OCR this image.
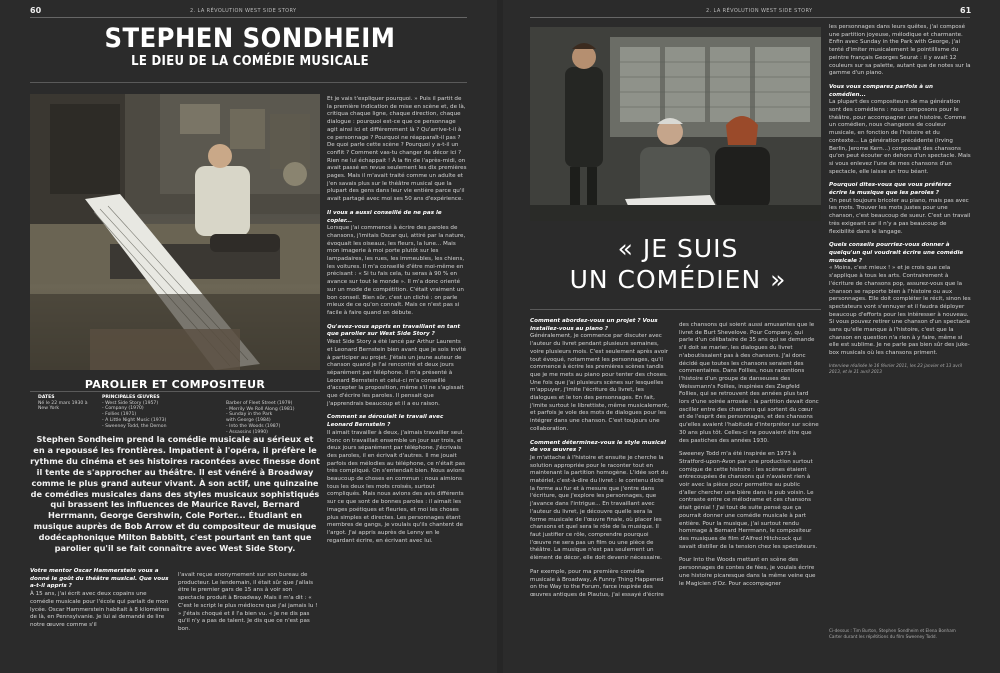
60	2. LA RÉVOLUTION WEST SIDE STORY
STEPHEN SONDHEIM
LE DIEU DE LA COMÉDIE MUSICALE

Et je vais t'expliquer pourquoi. » Puis il partit de la première indication de mise en scène et, de là, critiqua chaque ligne, chaque direction, chaque dialogue : pourquoi est-ce que ce personnage agit ainsi ici et différemment là ? Qu'arrive-t-il à ce personnage ? Pourquoi ne réapparaît-il pas ? De quoi parle cette scène ? Pourquoi y a-t-il un conflit ? Comment vas-tu changer de décor ici ? Rien ne lui échappait ! À la fin de l'après-midi, on avait passé en revue seulement les dix premières pages. Mais il m'avait traité comme un adulte et j'en savais plus sur le théâtre musical que la plupart des gens dans leur vie entière parce qu'il avait partagé avec moi ses 50 ans d'expérience.

Il vous a aussi conseillé de ne pas le copier...

Lorsque j'ai commencé à écrire des paroles de chansons, j'imitais Oscar qui, attiré par la nature, évoquait les oiseaux, les fleurs, la lune... Mais mon imagerie à moi porte plutôt sur les lampadaires, les rues, les immeubles, les chiens, les voitures. Il m'a conseillé d'être moi-même en précisant : « Si tu fais cela, tu seras à 90 % en avance sur tout le monde ». Il m'a donc orienté sur un mode de compétition. C'était vraiment un bon conseil. Bien sûr, c'est un cliché : on parle mieux de ce qu'on connaît. Mais ce n'est pas si facile à faire quand on débute.

Qu'avez-vous appris en travaillant en tant que parolier sur West Side Story ?

West Side Story a été lancé par Arthur Laurents et Leonard Bernstein bien avant que je sois invité à participer au projet. J'étais un jeune auteur de chanson quand je l'ai rencontré et deux jours séparément par téléphone. Il m'a présenté à Leonard Bernstein et celui-ci m'a conseillé d'accepter la proposition, même s'il ne s'agissait que d'écrire les paroles. Il pensait que j'apprendrais beaucoup et il a eu raison.

Comment se déroulait le travail avec Leonard Bernstein ?

Il aimait travailler à deux, j'aimais travailler seul. Donc on travaillait ensemble un jour sur trois, et deux jours séparément par téléphone. J'écrivais des paroles, il en écrivait d'autres. Il me jouait parfois des mélodies au téléphone, ce n'était pas très compliqué. On s'entendait bien. Nous avions beaucoup de choses en commun : nous aimions tous les deux les mots croisés, surtout compliqués. Mais nous avions des avis différents sur ce que sont de bonnes paroles : il aimait les images poétiques et fleuries, et moi les choses plus simples et directes. Les personnages étant membres de gangs, je voulais qu'ils chantent de l'argot. J'ai appris auprès de Lenny en le regardant écrire, en écrivant avec lui.

PAROLIER ET COMPOSITEUR
DATES
Né le 22 mars 1930 à New York
PRINCIPALES ŒUVRES
- West Side Story (1957)
- Company (1970)
- Follies (1971)
- A Little Night Music (1973)
- Sweeney Todd, the Demon
Barber of Fleet Street (1979)
- Merrily We Roll Along (1981)
- Sunday in the Park
with George (1984)
- Into the Woods (1987)
- Assassins (1990)
Stephen Sondheim prend la comédie musicale au sérieux et en a repoussé les frontières. Impatient à l'opéra, il préfère le rythme du cinéma et ses histoires racontées avec finesse dont il tente de s'approcher au théâtre. Il est vénéré à Broadway comme le plus grand auteur vivant. À son actif, une quinzaine de comédies musicales dans des styles musicaux sophistiqués qui brassent les influences de Maurice Ravel, Bernard Herrmann, George Gershwin, Cole Porter... Étudiant en musique auprès de Bob Arrow et du compositeur de musique dodécaphonique Milton Babbitt, c'est pourtant en tant que parolier qu'il se fait connaître avec West Side Story.

Votre mentor Oscar Hammerstein vous a donné le goût du théâtre musical. Que vous a-t-il appris ?

À 15 ans, j'ai écrit avec deux copains une comédie musicale pour l'école qui parlait de mon lycée. Oscar Hammerstein habitait à 8 kilomètres de là, en Pennsylvanie. Je lui ai demandé de lire notre œuvre comme s'il

l'avait reçue anonymement sur son bureau de producteur. Le lendemain, il était sûr que j'allais être le premier gars de 15 ans à voir son spectacle produit à Broadway. Mais il m'a dit : « C'est le script le plus médiocre que j'ai jamais lu ! » J'étais choqué et il l'a bien vu. « Je ne dis pas qu'il n'y a pas de talent. Je dis que ce n'est pas bon.

2. LA RÉVOLUTION WEST SIDE STORY	61
« JE SUIS
UN COMÉDIEN »

Comment abordez-vous un projet ? Vous installez-vous au piano ?

Généralement, je commence par discuter avec l'auteur du livret pendant plusieurs semaines, voire plusieurs mois. C'est seulement après avoir tout évoqué, notamment les personnages, qu'il commence à écrire les premières scènes tandis que je me mets au piano pour tenter des choses. Une fois que j'ai plusieurs scènes sur lesquelles m'appuyer, j'imite l'écriture du livret, les dialogues et le ton des personnages. En fait, j'imite surtout le librettiste, même musicalement, et parfois je vole des mots de dialogues pour les intégrer dans une chanson. C'est toujours une collaboration.

Comment déterminez-vous le style musical de vos œuvres ?

Je m'attache à l'histoire et ensuite je cherche la solution appropriée pour le raconter tout en maintenant la partition homogène. L'idée sort du matériel, c'est-à-dire du livret : le contenu dicte la forme au fur et à mesure que j'entre dans l'écriture, que j'explore les personnages, que j'avance dans l'intrigue... En travaillant avec l'auteur du livret, je découvre quelle sera la forme musicale de l'œuvre finale, où placer les chansons et quel sera le rôle de la musique. Il faut justifier ce rôle, comprendre pourquoi l'œuvre ne sera pas un film ou une pièce de théâtre. La musique n'est pas seulement un élément de décor, elle doit devenir nécessaire.

Par exemple, pour ma première comédie musicale à Broadway, A Funny Thing Happened on the Way to the Forum, farce inspirée des œuvres antiques de Plautus, j'ai essayé d'écrire

des chansons qui soient aussi amusantes que le livret de Burt Shevelove. Pour Company, qui parle d'un célibataire de 35 ans qui se demande s'il doit se marier, les dialogues du livret n'aboutissaient pas à des chansons. J'ai donc décidé que toutes les chansons seraient des commentaires. Dans Follies, nous racontions l'histoire d'un groupe de danseuses des Weissmann's Follies, inspirées des Ziegfeld Follies, qui se retrouvent des années plus tard lors d'une soirée arrosée : la partition devait donc osciller entre des chansons qui sortent du cœur et de l'esprit des personnages, et des chansons qu'elles avaient l'habitude d'interpréter sur scène 30 ans plus tôt. Celles-ci ne pouvaient être que des pastiches des années 1930.

Sweeney Todd m'a été inspirée en 1973 à Stratford-upon-Avon par une production surtout comique de cette histoire : les scènes étaient entrecoupées de chansons qui n'avaient rien à voir avec la pièce pour permettre au public d'aller chercher une bière dans le pub voisin. Le contraste entre ce mélodrame et ces chansons était génial ! J'ai tout de suite pensé que ça pourrait donner une comédie musicale à part entière. Pour la musique, j'ai surtout rendu hommage à Bernard Herrmann, le compositeur des musiques de film d'Alfred Hitchcock qui savait distiller de la tension chez les spectateurs.

Pour Into the Woods mettant en scène des personnages de contes de fées, je voulais écrire une histoire picaresque dans la même veine que le Magicien d'Oz. Pour accompagner

les personnages dans leurs quêtes, j'ai composé une partition joyeuse, mélodique et charmante. Enfin avec Sunday in the Park with George, j'ai tenté d'imiter musicalement le pointillisme du peintre français Georges Seurat : il y avait 12 couleurs sur sa palette, autant que de notes sur la gamme d'un piano.

Vous vous comparez parfois à un comédien...

La plupart des compositeurs de ma génération sont des comédiens : nous composons pour le théâtre, pour accompagner une histoire. Comme un comédien, nous changeons de couleur musicale, en fonction de l'histoire et du contexte... La génération précédente (Irving Berlin, Jerome Kern...) composait des chansons qu'on peut écouter en dehors d'un spectacle. Mais si vous enlevez l'une de mes chansons d'un spectacle, elle laisse un trou béant.

Pourquoi dites-vous que vous préférez écrire la musique que les paroles ?

On peut toujours bricoler au piano, mais pas avec les mots. Trouver les mots justes pour une chanson, c'est beaucoup de sueur. C'est un travail très exigeant car il n'y a pas beaucoup de flexibilité dans le langage.

Quels conseils pourriez-vous donner à quelqu'un qui voudrait écrire une comédie musicale ?

« Moins, c'est mieux ! » et je crois que cela s'applique à tous les arts. Contrairement à l'écriture de chansons pop, assurez-vous que la chanson se rapporte bien à l'histoire ou aux personnages. Elle doit compléter le récit, sinon les spectateurs vont s'ennuyer et il faudra déployer beaucoup d'efforts pour les intéresser à nouveau. Si vous pouvez retirer une chanson d'un spectacle sans qu'elle manque à l'histoire, c'est que la chanson en question n'a rien à y faire, même si elle est sublime. Je ne parle pas bien sûr des juke-box musicals où les chansons priment.

Interview réalisée le 16 février 2011, les 23 janvier et 13 avril 2013, et le 21 avril 2013

Ci-dessus : Tim Burton, Stephen Sondheim et Elena Bonham Carter durant les répétitions du film Sweeney Todd.
